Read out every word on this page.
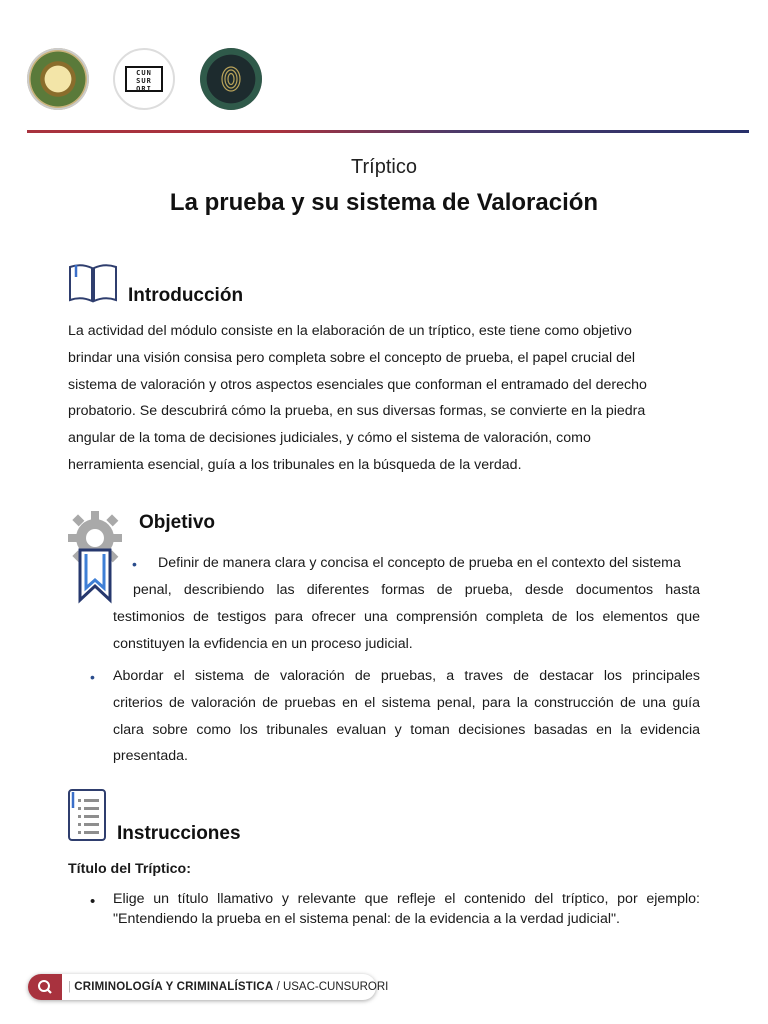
CUN SUR ORI
Tríptico
La prueba y su sistema de Valoración
Introducción
La actividad del módulo consiste en la elaboración de un tríptico, este tiene como objetivo
brindar una visión consisa pero completa sobre el concepto de prueba, el papel crucial del
sistema de valoración y otros aspectos esenciales que conforman el entramado del derecho
probatorio. Se descubrirá cómo la prueba, en sus diversas formas, se convierte en la piedra
angular de la toma de decisiones judiciales, y cómo el sistema de valoración, como
herramienta esencial, guía a los tribunales en la búsqueda de la verdad.
Objetivo
• Definir de manera clara y concisa el concepto de prueba en el contexto del sistema
penal, describiendo las diferentes formas de prueba, desde documentos hasta
testimonios de testigos para ofrecer una comprensión completa de los elementos que
constituyen la evfidencia en un proceso judicial.
• Abordar el sistema de valoración de pruebas, a traves de destacar los principales
criterios de valoración de pruebas en el sistema penal, para la construcción de una guía
clara sobre como los tribunales evaluan y toman decisiones basadas en la evidencia
presentada.
Instrucciones
Título del Tríptico:
• Elige un título llamativo y relevante que refleje el contenido del tríptico, por ejemplo:
"Entendiendo la prueba en el sistema penal: de la evidencia a la verdad judicial".
| CRIMINOLOGÍA Y CRIMINALÍSTICA / USAC-CUNSURORI
